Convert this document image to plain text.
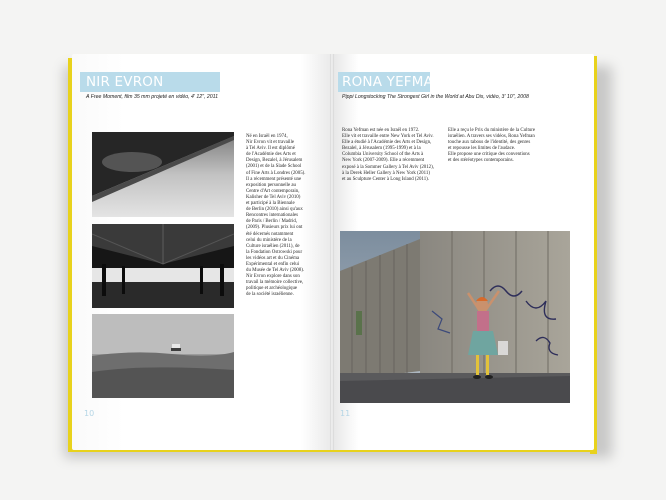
NIR EVRON
A Free Moment, film 35 mm projeté en vidéo, 4' 12", 2011
Né en Israël en 1974,
Nir Evron vit et travaille
à Tel Aviv. Il est diplômé
de l'Académie des Arts et
Design, Bezalel, à Jérusalem
(2001) et de la Slade School
of Fine Arts à Londres (2005).
Il a récemment présenté une
exposition personnelle au
Centre d'Art contemporain,
Kalisher de Tel Aviv (2010)
et participé à la Biennale
de Berlin (2010) ainsi qu'aux
Rencontres internationales
de Paris / Berlin / Madrid,
(2009). Plusieurs prix lui ont
été décernés notamment
celui du ministère de la
Culture israélien (2011), de
la Fondation Ostrowski pour
les vidéos art et du Cinéma
Expérimental et enfin celui
du Musée de Tel Aviv (2008).
Nir Evron explore dans son
travail la mémoire collective,
politique et archéologique
de la société israélienne.
10
RONA YEFMAN
Pippi Longstocking The Strongest Girl in the World at Abu Dis, vidéo, 3' 10", 2008
Rona Yefman est née en Israël en 1972.
Elle vit et travaille entre New York et Tel Aviv.
Elle a étudié à l'Académie des Arts et Design,
Bezalel, à Jérusalem (1995-1999) et à la
Columbia University School of the Arts à
New York (2007-2009). Elle a récemment
exposé à la Sommer Gallery à Tel Aviv (2012),
à la Derek Heller Gallery à New York (2011)
et au Sculpture Center à Long Island (2011).
Elle a reçu le Prix du ministère de la Culture
israélien. A travers ses vidéos, Rona Yefman
touche aux tabous de l'identité, des genres
et repousse les limites de l'audace.
Elle propose une critique des conventions
et des stéréotypes contemporains.
11
